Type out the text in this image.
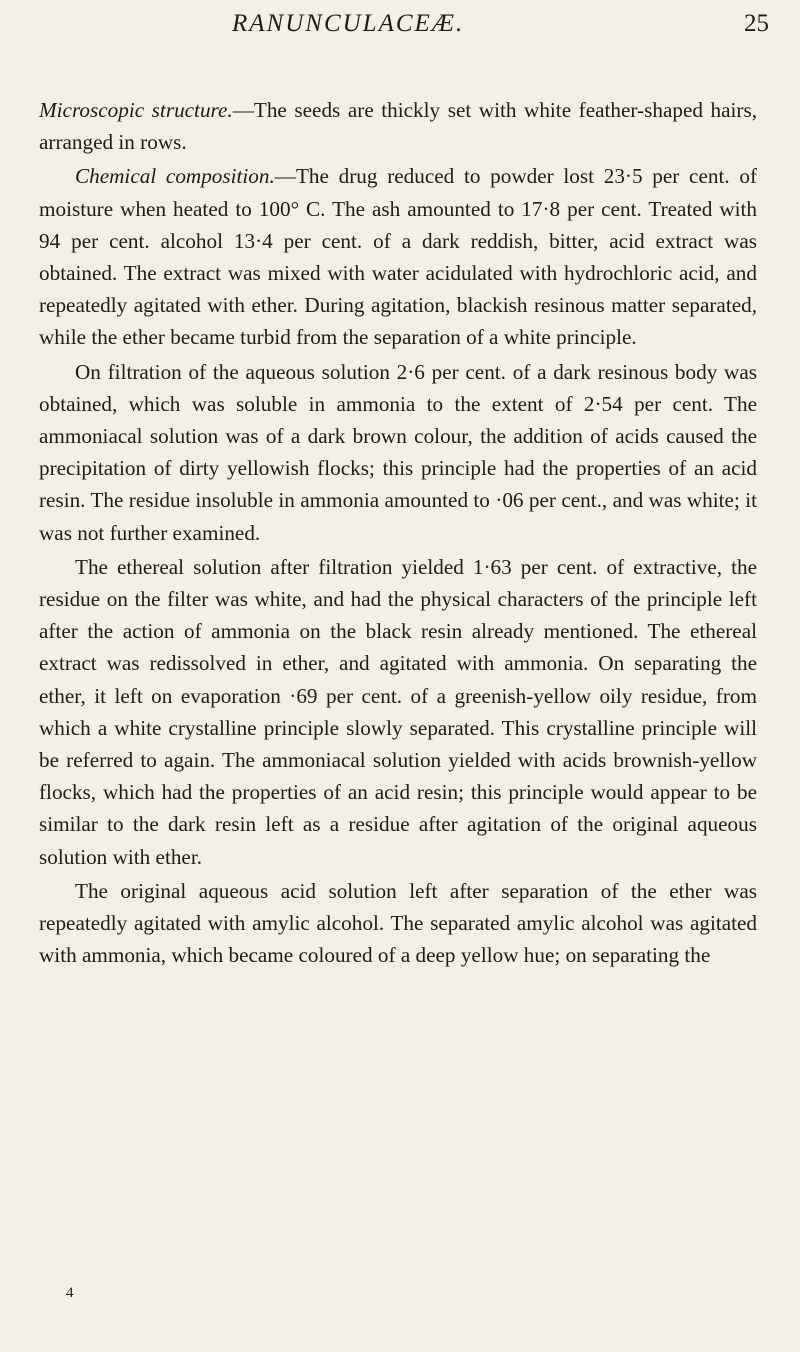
RANUNCULACEÆ.	25

Microscopic structure.—The seeds are thickly set with white feather-shaped hairs, arranged in rows.

Chemical composition.—The drug reduced to powder lost 23·5 per cent. of moisture when heated to 100° C. The ash amounted to 17·8 per cent. Treated with 94 per cent. alcohol 13·4 per cent. of a dark reddish, bitter, acid extract was obtained. The extract was mixed with water acidulated with hydrochloric acid, and repeatedly agitated with ether. During agitation, blackish resinous matter separated, while the ether became turbid from the separation of a white principle.

On filtration of the aqueous solution 2·6 per cent. of a dark resinous body was obtained, which was soluble in ammonia to the extent of 2·54 per cent. The ammoniacal solution was of a dark brown colour, the addition of acids caused the precipitation of dirty yellowish flocks; this principle had the properties of an acid resin. The residue insoluble in ammonia amounted to ·06 per cent., and was white; it was not further examined.

The ethereal solution after filtration yielded 1·63 per cent. of extractive, the residue on the filter was white, and had the physical characters of the principle left after the action of ammonia on the black resin already mentioned. The ethereal extract was redissolved in ether, and agitated with ammonia. On separating the ether, it left on evaporation ·69 per cent. of a greenish-yellow oily residue, from which a white crystalline principle slowly separated. This crystalline principle will be referred to again. The ammoniacal solution yielded with acids brownish-yellow flocks, which had the properties of an acid resin; this principle would appear to be similar to the dark resin left as a residue after agitation of the original aqueous solution with ether.

The original aqueous acid solution left after separation of the ether was repeatedly agitated with amylic alcohol. The separated amylic alcohol was agitated with ammonia, which became coloured of a deep yellow hue; on separating the

4
